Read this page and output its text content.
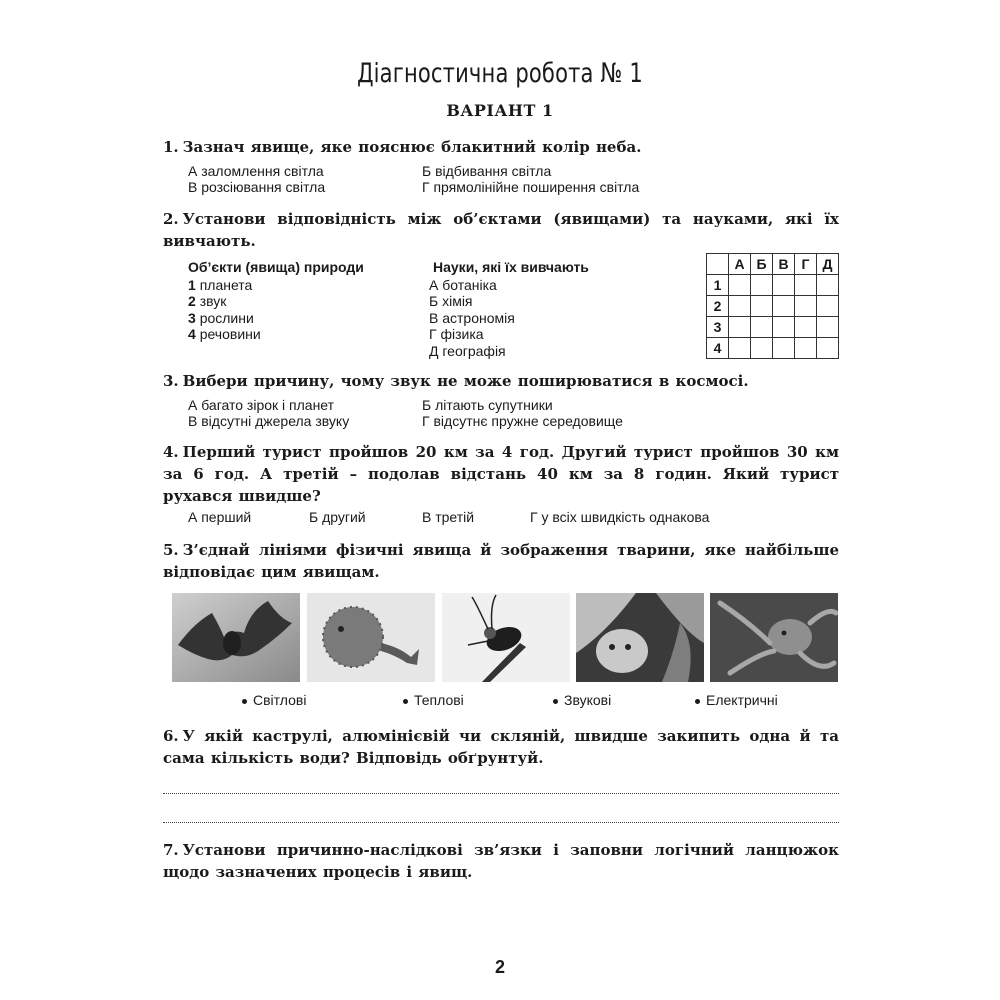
Діагностична робота № 1
ВАРІАНТ 1
1. Зазнач явище, яке пояснює блакитний колір неба.
А заломлення світла	Б відбивання світла
В розсіювання світла	Г прямолінійне поширення світла
2. Установи відповідність між об’єктами (явищами) та науками, які їх вивчають.
Об’єкти (явища) природи
1 планета
2 звук
3 рослини
4 речовини
Науки, які їх вивчають
А ботаніка
Б хімія
В астрономія
Г фізика
Д географія
	А	Б	В	Г	Д
1					
2					
3					
4					
3. Вибери причину, чому звук не може поширюватися в космосі.
А багато зірок і планет	Б літають супутники
В відсутні джерела звуку	Г відсутнє пружне середовище
4. Перший турист пройшов 20 км за 4 год. Другий турист пройшов 30 км за 6 год. А третій – подолав відстань 40 км за 8 годин. Який турист рухався швидше?
А перший	Б другий	В третій	Г у всіх швидкість однакова
5. З’єднай лініями фізичні явища й зображення тварини, яке найбільше відповідає цим явищам.
Світлові	Теплові	Звукові	Електричні
6. У якій каструлі, алюмінієвій чи скляній, швидше закипить одна й та сама кількість води? Відповідь обґрунтуй.
7. Установи причинно-наслідкові зв’язки і заповни логічний ланцюжок щодо зазначених процесів і явищ.
2
